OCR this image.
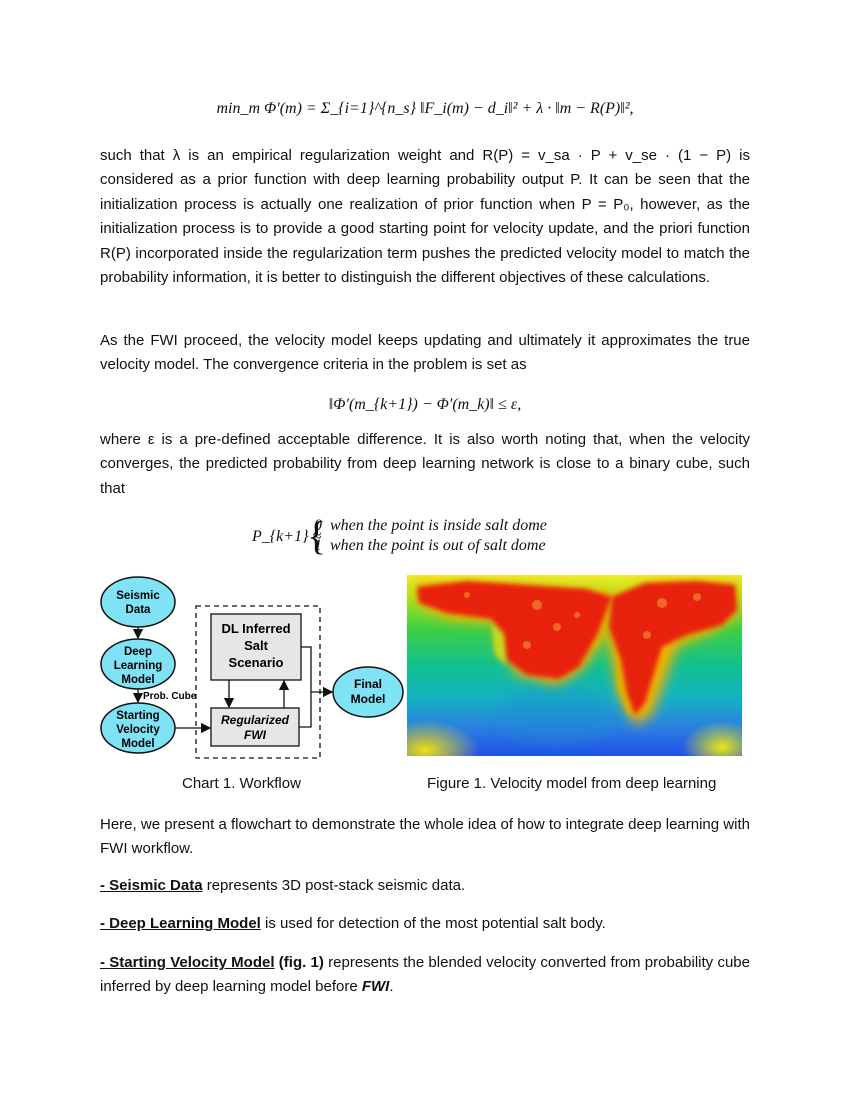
min_m Φ′(m) = Σ_{i=1}^{n_s} ‖F_i(m) − d_i‖² + λ · ‖m − R(P)‖²,

such that λ is an empirical regularization weight and R(P) = v_sa · P + v_se · (1 − P) is considered as a prior function with deep learning probability output P. It can be seen that the initialization process is actually one realization of prior function when P = P₀, however, as the initialization process is to provide a good starting point for velocity update, and the priori function R(P) incorporated inside the regularization term pushes the predicted velocity model to match the probability information, it is better to distinguish the different objectives of these calculations.

As the FWI proceed, the velocity model keeps updating and ultimately it approximates the true velocity model. The convergence criteria in the problem is set as

‖Φ′(m_{k+1}) − Φ′(m_k)‖ ≤ ε,

where ε is a pre-defined acceptable difference. It is also worth noting that, when the velocity converges, the predicted probability from deep learning network is close to a binary cube, such that

P_{k+1} ≈
{
0  when the point is inside salt dome
1  when the point is out of salt dome
Seismic
Data
Deep
Learning
Model
Starting
Velocity
Model
Prob. Cube
DL Inferred
Salt
Scenario
Regularized
FWI
Final
Model
Chart 1. Workflow	Figure 1. Velocity model from deep learning

Here, we present a flowchart to demonstrate the whole idea of how to integrate deep learning with FWI workflow.

- Seismic Data represents 3D post-stack seismic data.

- Deep Learning Model is used for detection of the most potential salt body.

- Starting Velocity Model (fig. 1) represents the blended velocity converted from probability cube inferred by deep learning model before FWI.
